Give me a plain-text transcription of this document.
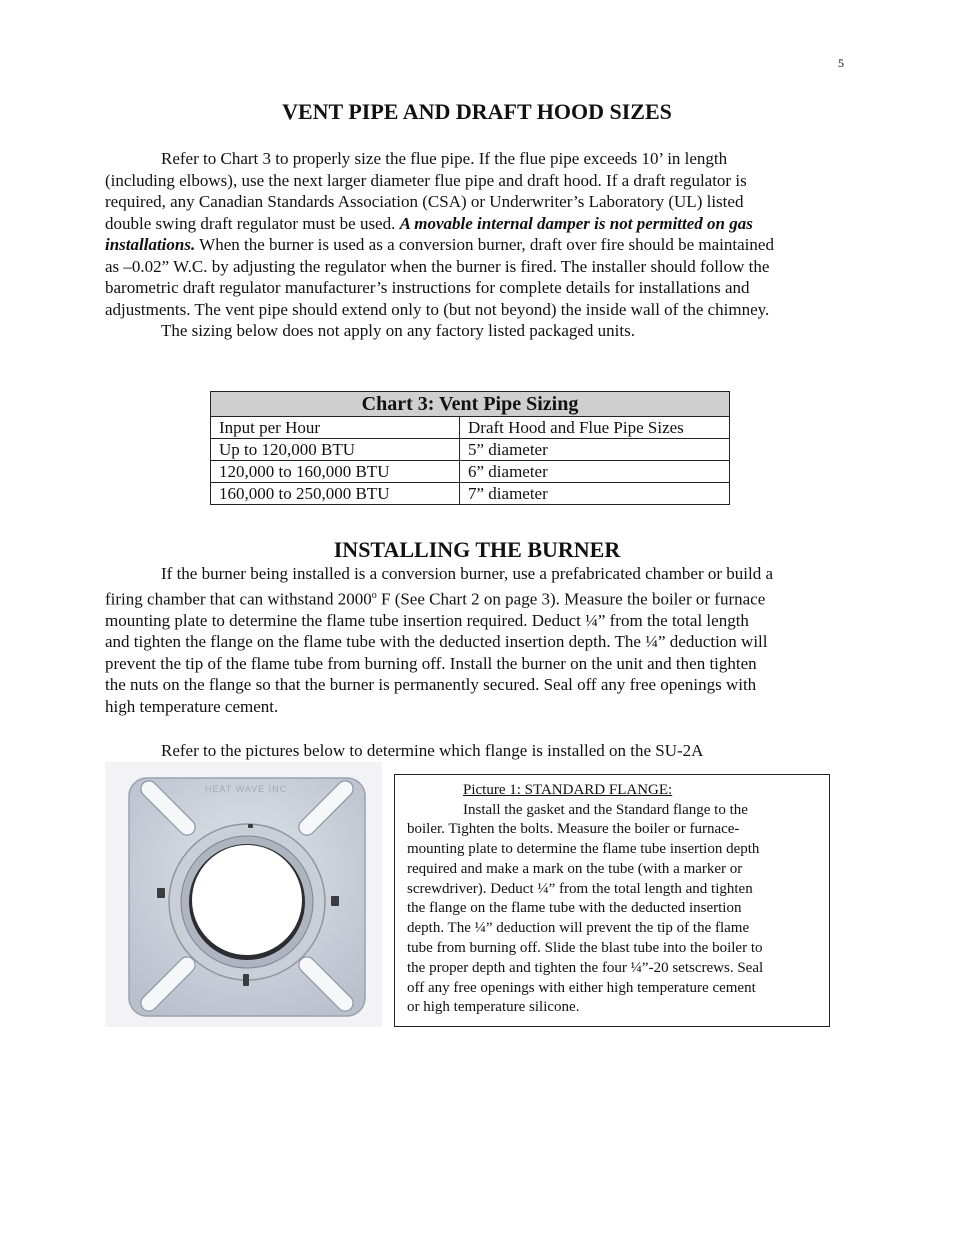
5
VENT PIPE AND DRAFT HOOD SIZES

Refer to Chart 3 to properly size the flue pipe. If the flue pipe exceeds 10’ in length
(including elbows), use the next larger diameter flue pipe and draft hood. If a draft regulator is
required, any Canadian Standards Association (CSA) or Underwriter’s Laboratory (UL) listed
double swing draft regulator must be used. A movable internal damper is not permitted on gas
installations. When the burner is used as a conversion burner, draft over fire should be maintained
as –0.02” W.C. by adjusting the regulator when the burner is fired. The installer should follow the
barometric draft regulator manufacturer’s instructions for complete details for installations and
adjustments. The vent pipe should extend only to (but not beyond) the inside wall of the chimney.
The sizing below does not apply on any factory listed packaged units.

Chart 3: Vent Pipe Sizing	
Input per Hour	Draft Hood and Flue Pipe Sizes
Up to 120,000 BTU	5” diameter
120,000 to 160,000 BTU	6” diameter
160,000 to 250,000 BTU	7” diameter
INSTALLING THE BURNER

If the burner being installed is a conversion burner, use a prefabricated chamber or build a
firing chamber that can withstand 2000$^o$ F (See Chart 2 on page 3). Measure the boiler or furnace
mounting plate to determine the flame tube insertion required. Deduct ¼” from the total length
and tighten the flange on the flame tube with the deducted insertion depth. The ¼” deduction will
prevent the tip of the flame tube from burning off. Install the burner on the unit and then tighten
the nuts on the flange so that the burner is permanently secured. Seal off any free openings with
high temperature cement.

Refer to the pictures below to determine which flange is installed on the SU-2A

HEAT WAVE INC	Picture 1: STANDARD FLANGE:

Install the gasket and the Standard flange to the
boiler. Tighten the bolts. Measure the boiler or furnace-
mounting plate to determine the flame tube insertion depth
required and make a mark on the tube (with a marker or
screwdriver). Deduct ¼” from the total length and tighten
the flange on the flame tube with the deducted insertion
depth. The ¼” deduction will prevent the tip of the flame
tube from burning off. Slide the blast tube into the boiler to
the proper depth and tighten the four ¼”-20 setscrews. Seal
off any free openings with either high temperature cement
or high temperature silicone.
